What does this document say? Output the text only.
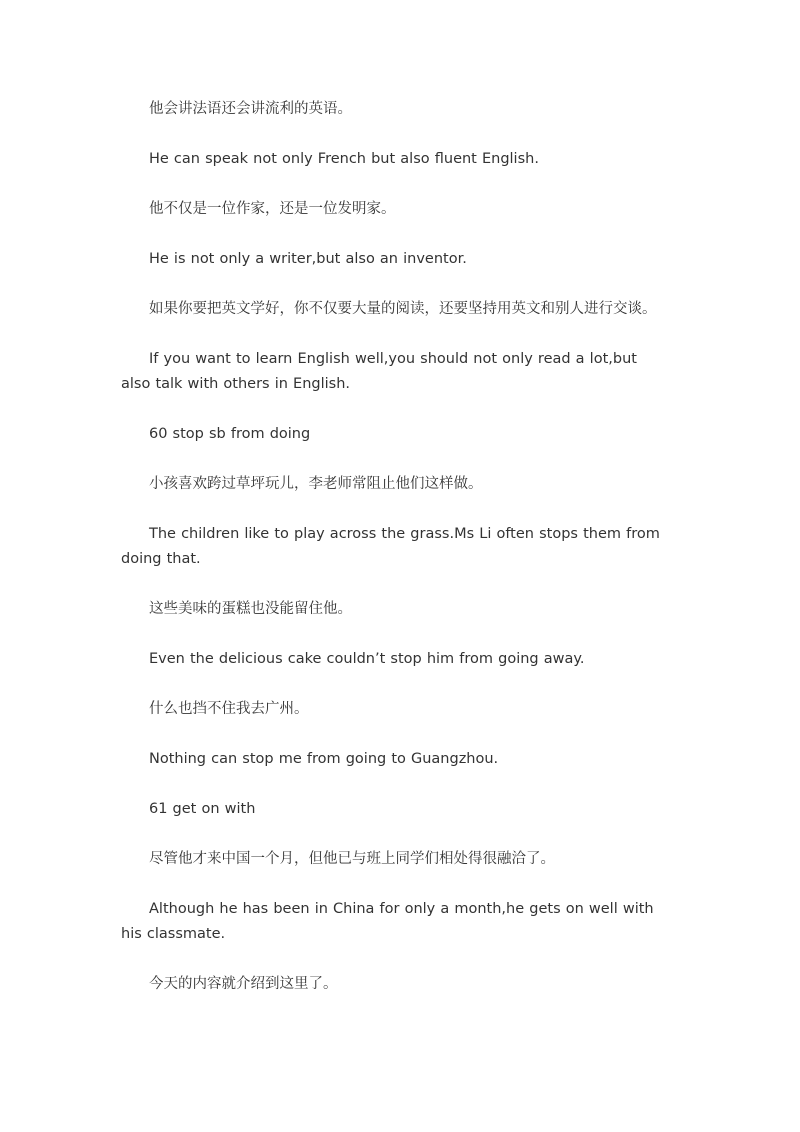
他会讲法语还会讲流利的英语。

He can speak not only French but also fluent English.

他不仅是一位作家，还是一位发明家。

He is not only a writer,but also an inventor.

如果你要把英文学好，你不仅要大量的阅读，还要坚持用英文和别人进行交谈。

If you want to learn English well,you should not only read a lot,but also talk with others in English.

60 stop sb from doing

小孩喜欢跨过草坪玩儿，李老师常阻止他们这样做。

The children like to play across the grass.Ms Li often stops them from doing that.

这些美味的蛋糕也没能留住他。

Even the delicious cake couldn’t stop him from going away.

什么也挡不住我去广州。

Nothing can stop me from going to Guangzhou.

61 get on with

尽管他才来中国一个月，但他已与班上同学们相处得很融洽了。

Although he has been in China for only a month,he gets on well with his classmate.

今天的内容就介绍到这里了。
